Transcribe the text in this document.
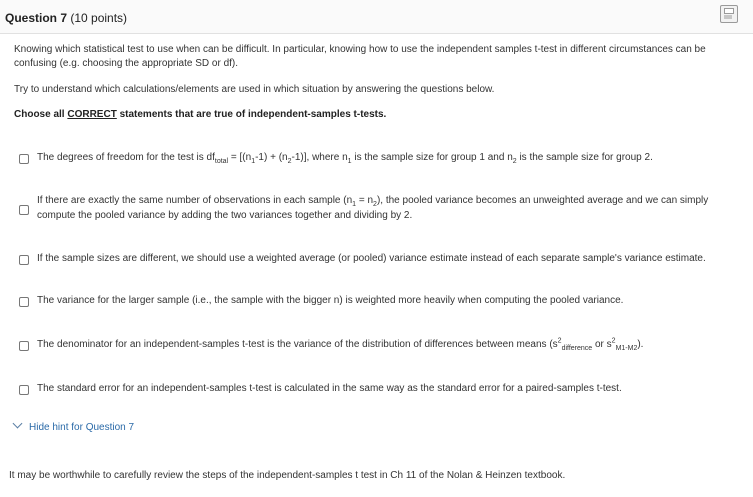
Question 7 (10 points)
Knowing which statistical test to use when can be difficult. In particular, knowing how to use the independent samples t-test in different circumstances can be confusing (e.g. choosing the appropriate SD or df).
Try to understand which calculations/elements are used in which situation by answering the questions below.
Choose all CORRECT statements that are true of independent-samples t-tests.
The degrees of freedom for the test is $df_{total} = [(n_1-1) + (n_2-1)]$, where $n_1$ is the sample size for group 1 and $n_2$ is the sample size for group 2.
If there are exactly the same number of observations in each sample $(n_1 = n_2)$, the pooled variance becomes an unweighted average and we can simply compute the pooled variance by adding the two variances together and dividing by 2.
If the sample sizes are different, we should use a weighted average (or pooled) variance estimate instead of each separate sample's variance estimate.
The variance for the larger sample (i.e., the sample with the bigger n) is weighted more heavily when computing the pooled variance.
The denominator for an independent-samples t-test is the variance of the distribution of differences between means ($s^2_{difference}$ or $s^2_{M1-M2}$).
The standard error for an independent-samples t-test is calculated in the same way as the standard error for a paired-samples t-test.
Hide hint for Question 7
It may be worthwhile to carefully review the steps of the independent-samples t test in Ch 11 of the Nolan & Heinzen textbook.
